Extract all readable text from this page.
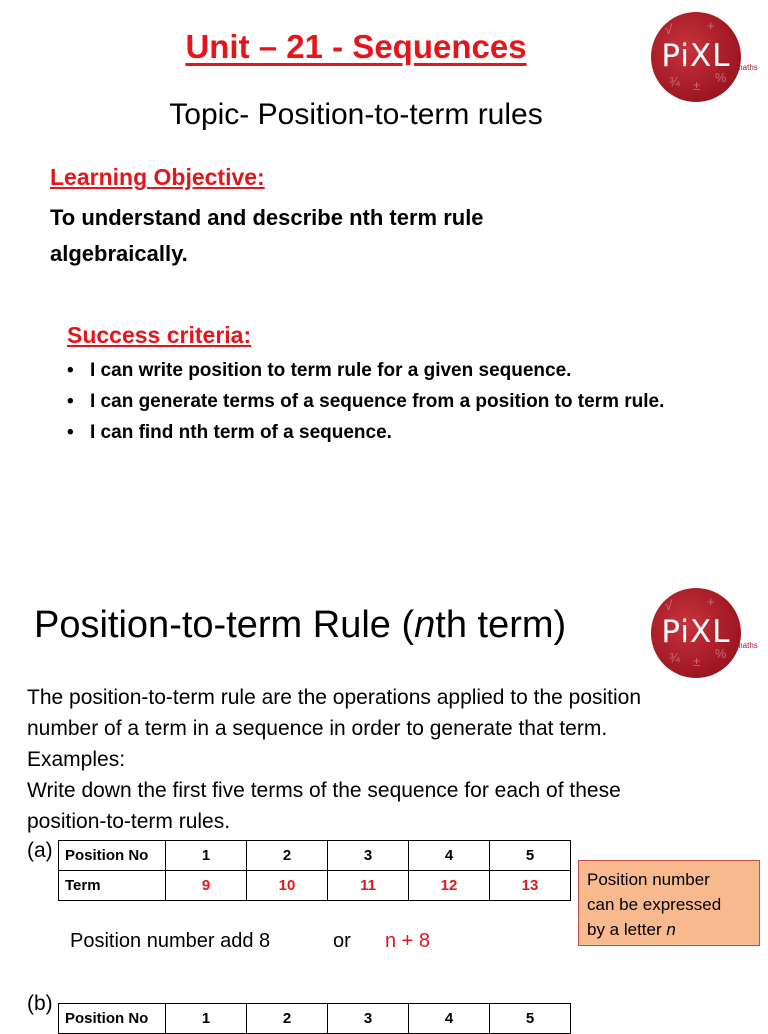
Unit – 21 - Sequences
Topic- Position-to-term rules
√	+
%
¾ ±
PiXL maths
Learning Objective:
To understand and describe nth term rule algebraically.
Success criteria:
• I can write position to term rule for a given sequence.
• I can generate terms of a sequence from a position to term rule.
• I can find nth term of a sequence.
Position-to-term Rule (nth term)	√	+
%
¾ ±
PiXL maths
The position-to-term rule are the operations applied to the position
number of a term in a sequence in order to generate that term.
Examples:
Write down the first five terms of the sequence for each of these
position-to-term rules.
(a) Position No	1	2	3	4	5
Term	9	10	11	12	13	Position number
can be expressed
by a letter n
Position number add 8	or n + 8
(b)
Position No	1	2	3	4	5
